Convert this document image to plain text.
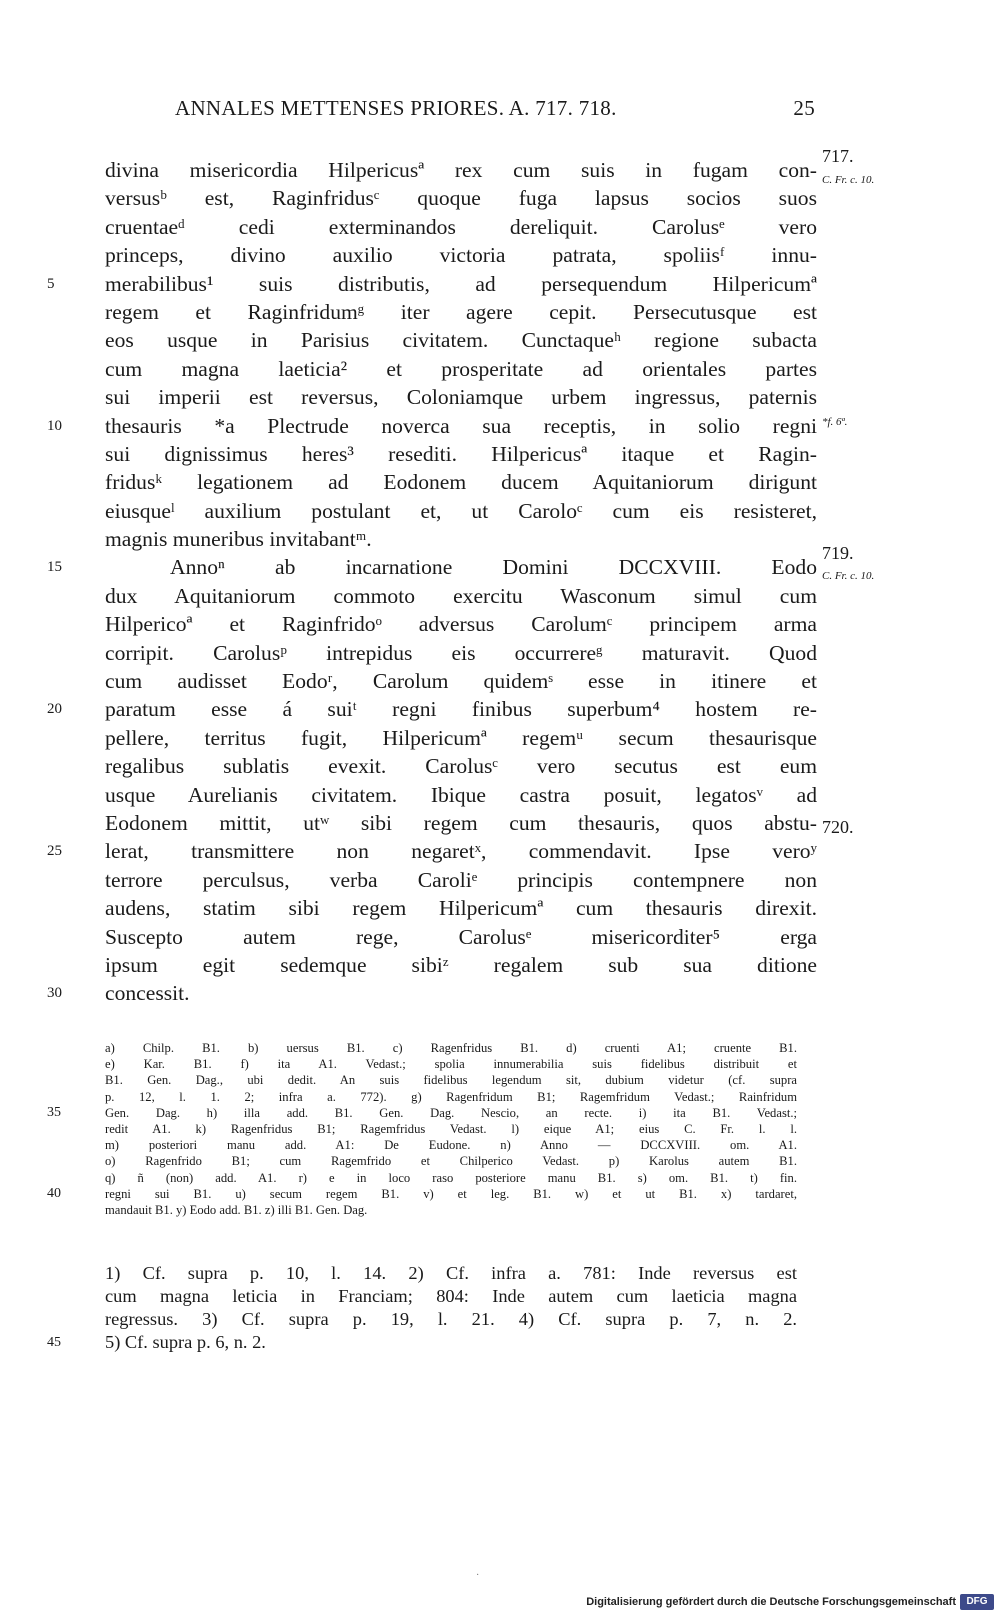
ANNALES METTENSES PRIORES. A. 717. 718.	25
divina misericordia Hilpericusª rex cum suis in fugam con-
versusᵇ est, Raginfridusᶜ quoque fuga lapsus socios suos
cruentaeᵈ cedi exterminandos dereliquit. Carolusᵉ vero
princeps, divino auxilio victoria patrata, spoliisᶠ innu-
5 merabilibus¹ suis distributis, ad persequendum Hilpericumª
regem et Raginfridumᵍ iter agere cepit. Persecutusque est
eos usque in Parisius civitatem. Cunctaqueʰ regione subacta
cum magna laeticia² et prosperitate ad orientales partes
sui imperii est reversus, Coloniamque urbem ingressus, paternis
10 thesauris *a Plectrude noverca sua receptis, in solio regni
sui dignissimus heres³ resediti. Hilpericusª itaque et Ragin-
fridusᵏ legationem ad Eodonem ducem Aquitaniorum dirigunt
eiusqueˡ auxilium postulant et, ut Caroloᶜ cum eis resisteret,
magnis muneribus invitabantᵐ.
15	Annoⁿ ab incarnatione Domini DCCXVIII. Eodo
dux Aquitaniorum commoto exercitu Wasconum simul cum
Hilpericoª et Raginfridoᵒ adversus Carolumᶜ principem arma
corripit. Carolusᵖ intrepidus eis occurrereᵍ maturavit. Quod
cum audisset Eodoʳ, Carolum quidemˢ esse in itinere et
20 paratum esse á suiᵗ regni finibus superbum⁴ hostem re-
pellere, territus fugit, Hilpericumª regemᵘ secum thesaurisque
regalibus sublatis evexit. Carolusᶜ vero secutus est eum
usque Aurelianis civitatem. Ibique castra posuit, legatosᵛ ad
Eodonem mittit, utʷ sibi regem cum thesauris, quos abstu-
25 lerat, transmittere non negaretˣ, commendavit. Ipse veroʸ
terrore perculsus, verba Caroliᵉ principis contempnere non
audens, statim sibi regem Hilpericumª cum thesauris direxit.
Suscepto autem rege, Carolusᵉ misericorditer⁵ erga
ipsum egit sedemque sibiᶻ regalem sub sua ditione
30 concessit.
717.
C. Fr. c. 10.
*f. 6ª.
719.
C. Fr. c. 10.
720.
a) Chilp. B1. b) uersus B1. c) Ragenfridus B1. d) cruenti A1; cruente B1.
e) Kar. B1. f) ita A1. Vedast.; spolia innumerabilia suis fidelibus distribuit et
B1. Gen. Dag., ubi dedit. An suis fidelibus legendum sit, dubium videtur (cf. supra
p. 12, l. 1. 2; infra a. 772). g) Ragenfridum B1; Ragemfridum Vedast.; Rainfridum
35	Gen. Dag. h) illa add. B1. Gen. Dag. Nescio, an recte. i) ita B1. Vedast.;
redit A1. k) Ragenfridus B1; Ragemfridus Vedast. l) eique A1; eius C. Fr. l. l.
m) posteriori manu add. A1: De Eudone. n) Anno — DCCXVIII. om. A1.
o) Ragenfrido B1; cum Ragemfrido et Chilperico Vedast. p) Karolus autem B1.
q) ñ (non) add. A1. r) e in loco raso posteriore manu B1. s) om. B1. t) fin.
40	regni sui B1. u) secum regem B1. v) et leg. B1. w) et ut B1. x) tardaret,
mandauit B1. y) Eodo add. B1. z) illi B1. Gen. Dag.
1) Cf. supra p. 10, l. 14. 2) Cf. infra a. 781: Inde reversus est
cum magna leticia in Franciam; 804: Inde autem cum laeticia magna
regressus. 3) Cf. supra p. 19, l. 21. 4) Cf. supra p. 7, n. 2.
45 5) Cf. supra p. 6, n. 2.
·
Digitalisierung gefördert durch die Deutsche Forschungsgemeinschaft	DFG
